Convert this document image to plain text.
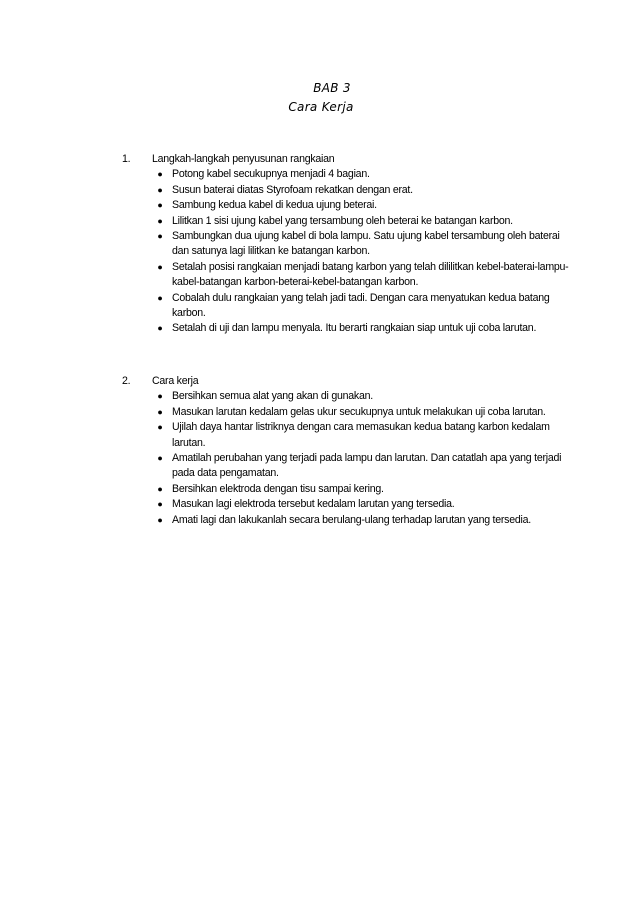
BAB 3
Cara Kerja
1. Langkah-langkah penyusunan rangkaian
● Potong kabel secukupnya menjadi 4 bagian.
● Susun baterai diatas Styrofoam rekatkan dengan erat.
● Sambung kedua kabel di kedua ujung beterai.
● Lilitkan 1 sisi ujung kabel yang tersambung oleh beterai ke batangan karbon.
● Sambungkan dua ujung kabel di bola lampu. Satu ujung kabel tersambung oleh baterai dan satunya lagi lilitkan ke batangan karbon.
● Setalah posisi rangkaian menjadi batang karbon yang telah dililitkan kebel-baterai-lampu-kabel-batangan karbon-beterai-kebel-batangan karbon.
● Cobalah dulu rangkaian yang telah jadi tadi. Dengan cara menyatukan kedua batang karbon.
● Setalah di uji dan lampu menyala. Itu berarti rangkaian siap untuk uji coba larutan.
2. Cara kerja
● Bersihkan semua alat yang akan di gunakan.
● Masukan larutan kedalam gelas ukur secukupnya untuk melakukan uji coba larutan.
● Ujilah daya hantar listriknya dengan cara memasukan kedua batang karbon kedalam larutan.
● Amatilah perubahan yang terjadi pada lampu dan larutan. Dan catatlah apa yang terjadi pada data pengamatan.
● Bersihkan elektroda dengan tisu sampai kering.
● Masukan lagi elektroda tersebut kedalam larutan yang tersedia.
● Amati lagi dan lakukanlah secara berulang-ulang terhadap larutan yang tersedia.
